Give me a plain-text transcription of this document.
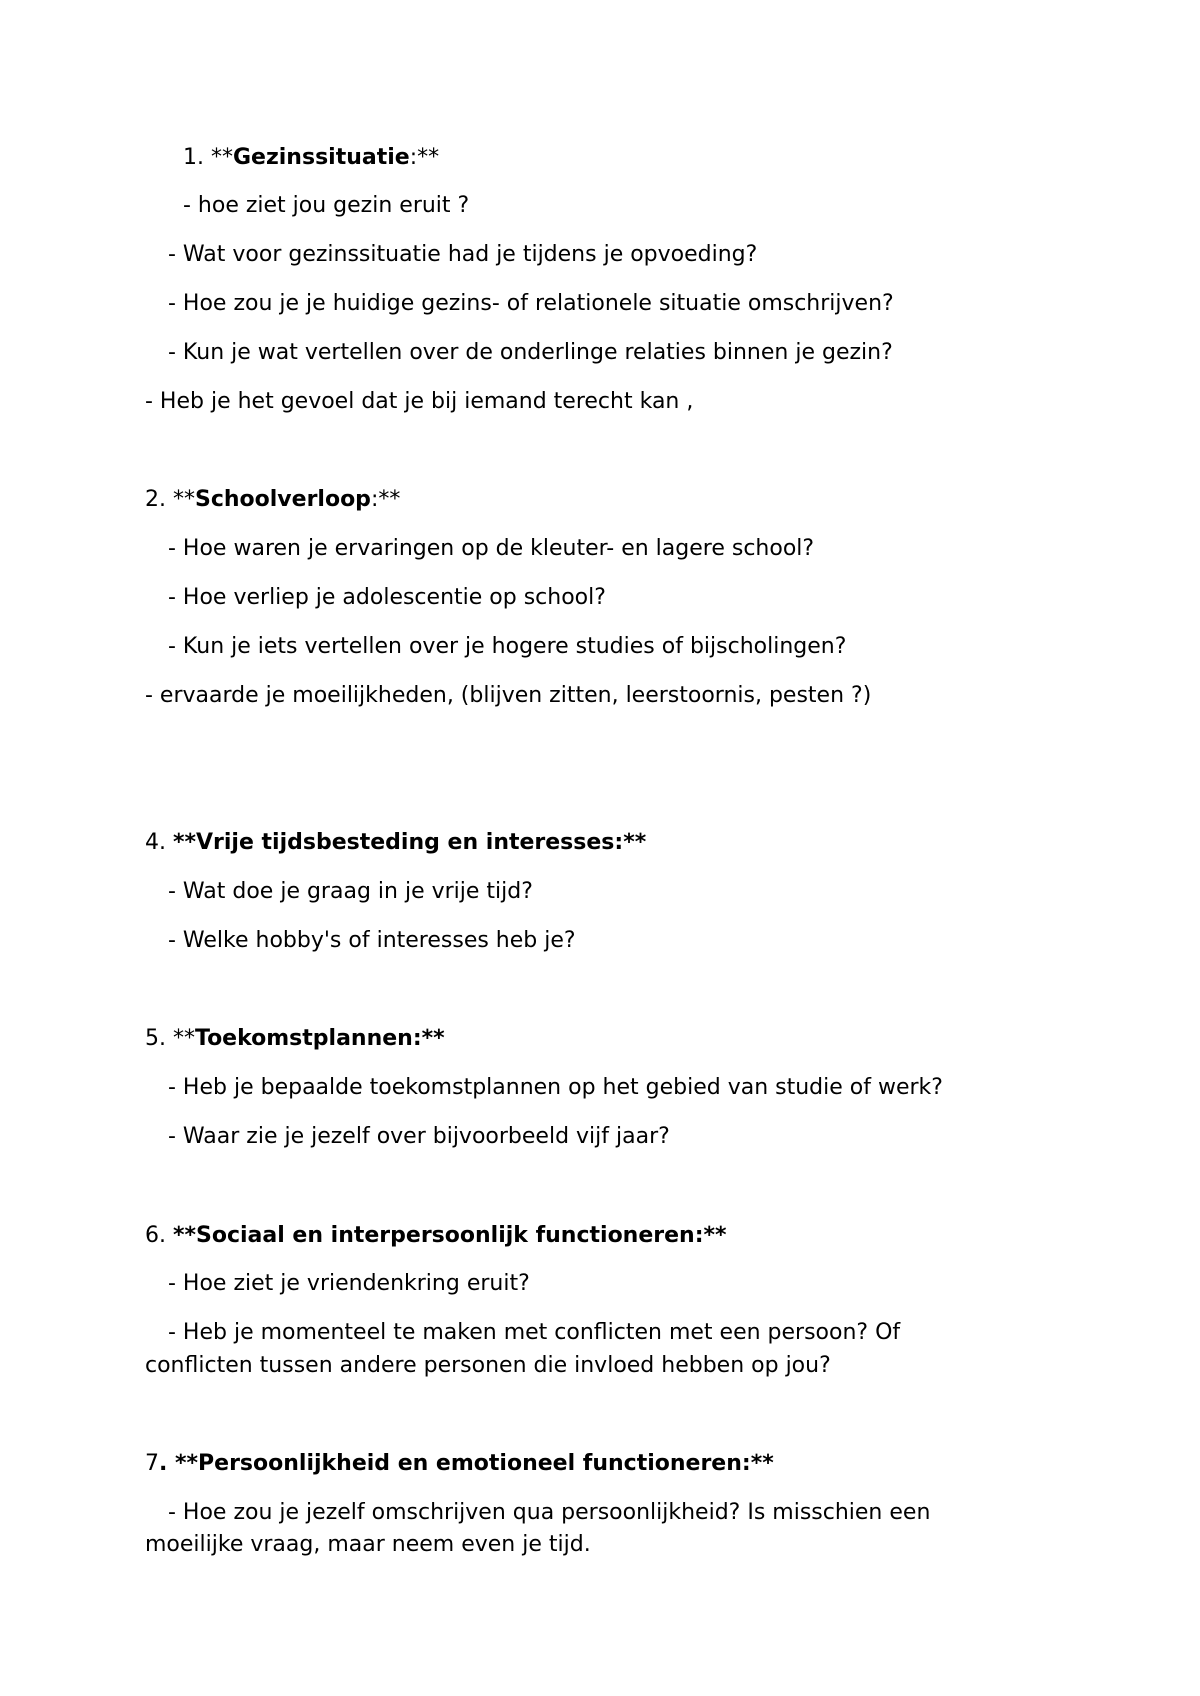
1. **Gezinssituatie:**
- hoe ziet jou gezin eruit ?
- Wat voor gezinssituatie had je tijdens je opvoeding?
- Hoe zou je je huidige gezins- of relationele situatie omschrijven?
- Kun je wat vertellen over de onderlinge relaties binnen je gezin?
- Heb je het gevoel dat je bij iemand terecht kan ,
2. **Schoolverloop:**
- Hoe waren je ervaringen op de kleuter- en lagere school?
- Hoe verliep je adolescentie op school?
- Kun je iets vertellen over je hogere studies of bijscholingen?
- ervaarde je moeilijkheden, (blijven zitten, leerstoornis, pesten ?)
4. **Vrije tijdsbesteding en interesses:**
- Wat doe je graag in je vrije tijd?
- Welke hobby's of interesses heb je?
5. **Toekomstplannen:**
- Heb je bepaalde toekomstplannen op het gebied van studie of werk?
- Waar zie je jezelf over bijvoorbeeld vijf jaar?
6. **Sociaal en interpersoonlijk functioneren:**
- Hoe ziet je vriendenkring eruit?
- Heb je momenteel te maken met conflicten met een persoon? Of
conflicten tussen andere personen die invloed hebben op jou?
7. **Persoonlijkheid en emotioneel functioneren:**
- Hoe zou je jezelf omschrijven qua persoonlijkheid? Is misschien een
moeilijke vraag, maar neem even je tijd.
